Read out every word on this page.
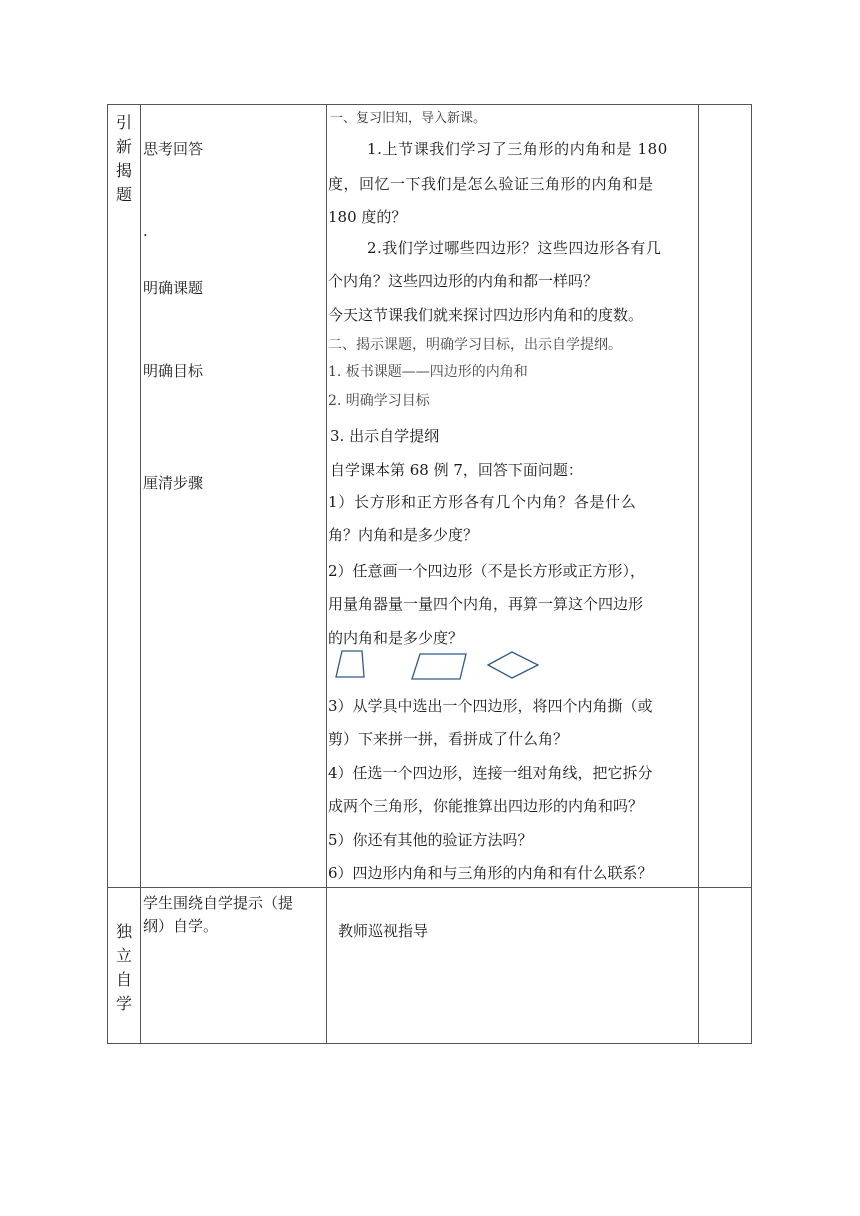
引新揭题
思考回答
.
明确课题
明确目标
厘清步骤
一、复习旧知，导入新课。
1.上节课我们学习了三角形的内角和是 180
度，回忆一下我们是怎么验证三角形的内角和是
180 度的？
2.我们学过哪些四边形？这些四边形各有几
个内角？这些四边形的内角和都一样吗？
今天这节课我们就来探讨四边形内角和的度数。
二、揭示课题，明确学习目标，出示自学提纲。
1. 板书课题——四边形的内角和
2. 明确学习目标
3. 出示自学提纲
自学课本第 68 例 7，回答下面问题：
1）长方形和正方形各有几个内角？各是什么
角？内角和是多少度？
2）任意画一个四边形（不是长方形或正方形），
用量角器量一量四个内角，再算一算这个四边形
的内角和是多少度？
3）从学具中选出一个四边形，将四个内角撕（或
剪）下来拼一拼，看拼成了什么角？
4）任选一个四边形，连接一组对角线，把它拆分
成两个三角形，你能推算出四边形的内角和吗？
5）你还有其他的验证方法吗？
6）四边形内角和与三角形的内角和有什么联系？
独立自学
学生围绕自学提示（提
纲）自学。	教师巡视指导
